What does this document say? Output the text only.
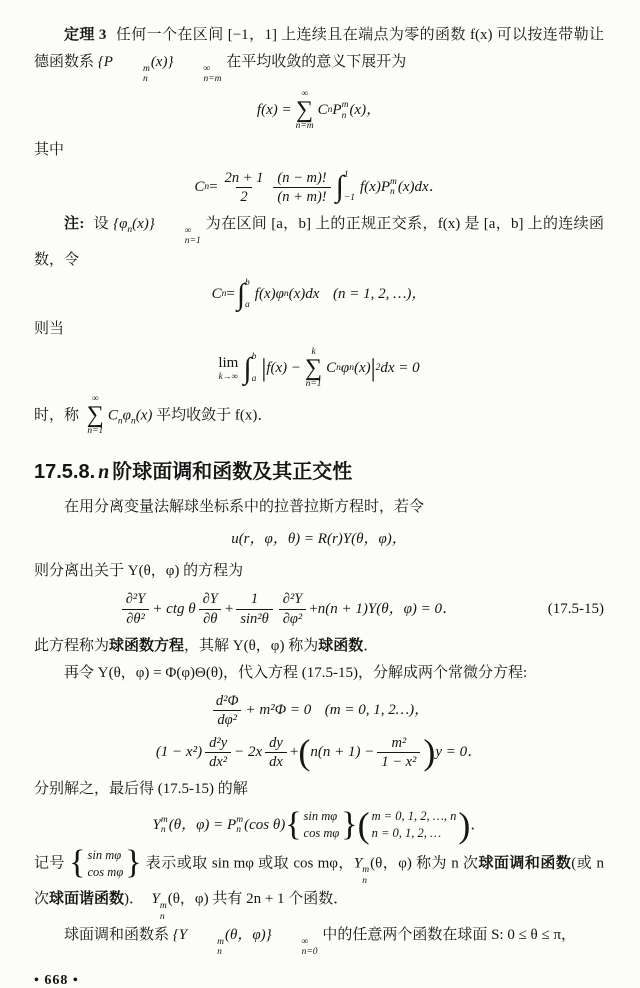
定理 3 任何一个在区间 [−1，1] 上连续且在端点为零的函数 f(x) 可以按连带勒让德函数系 {P	m
n
(x)}	∞
n=m
在平均收敛的意义下展开为

f(x) =
∞
∑
n=m
C n P m
n (x)，

其中

C $n = \frac{2n + 1}{2} \frac{(n - m)!}{(n + m)!}$ ∫ 1
−1
f(x)P m
n (x)dx．

注: 设 $\{\varphi_n(x)\}$	∞
n=1
为在区间 [a，b] 上的正规正交系，f(x) 是 [a，b] 上的连续函数，令

C n = ∫ b
a
f(x)φ n (x)dx (n = 1, 2, …)，

则当

lim
k→∞ ∫ b
a | f(x) −
k
∑
n=1
C n φ n (x) | 2 dx = 0

时，称
∞
∑
n=1
$C_n\varphi_n(x)$ 平均收敛于 f(x)．

17.5.8. n 阶球面调和函数及其正交性

在用分离变量法解球坐标系中的拉普拉斯方程时，若令

u(r，φ，θ) = R(r)Y(θ，φ)，

则分离出关于 Y(θ，φ) 的方程为

$\frac{\text{∂²Y}}{\text{∂θ²}}$ + ctg θ $\frac{\partial Y}{\partial\theta} + \frac{1}{\text{sin²θ}} \frac{\text{∂²Y}}{\text{∂φ²}} + n(n + 1)Y(\theta$，φ) = 0．	(17.5-15)

此方程称为球函数方程，其解 Y(θ，φ) 称为球函数．

再令 Y(θ，φ) = Φ(φ)Θ(θ)，代入方程 (17.5-15)，分解成两个常微分方程:

$\frac{\text{d²Φ}}{\text{dφ²}} + m^2\Phi = 0$ (m = 0, 1, 2…)，
$(1 - x^2) \frac{\text{d²y}}{\text{dx²}} - 2x \frac{dy}{dx}$ + ( $n(n + 1) - \frac{\text{m²}}{\text{1 − x²}}$ ) y = 0．

分别解之，最后得 (17.5-15) 的解

Y m
n (θ，φ) = P m
n (cos θ) { sin mφ
cos mφ } ( m = 0, 1, 2, …, n
n = 0, 1, 2, … ) ．

记号 { sin mφ
cos mφ } 表示或取 sin mφ 或取 cos mφ，Y m
n
(θ，φ) 称为 n 次球面调和函数(或 n 次球面谐函数)．　Y m
n
(θ，φ) 共有 2n + 1 个函数．

球面调和函数系 {Y	m
n
(θ，φ)}	∞
n=0
中的任意两个函数在球面 S: 0 ≤ θ ≤ π，

• 668 •
